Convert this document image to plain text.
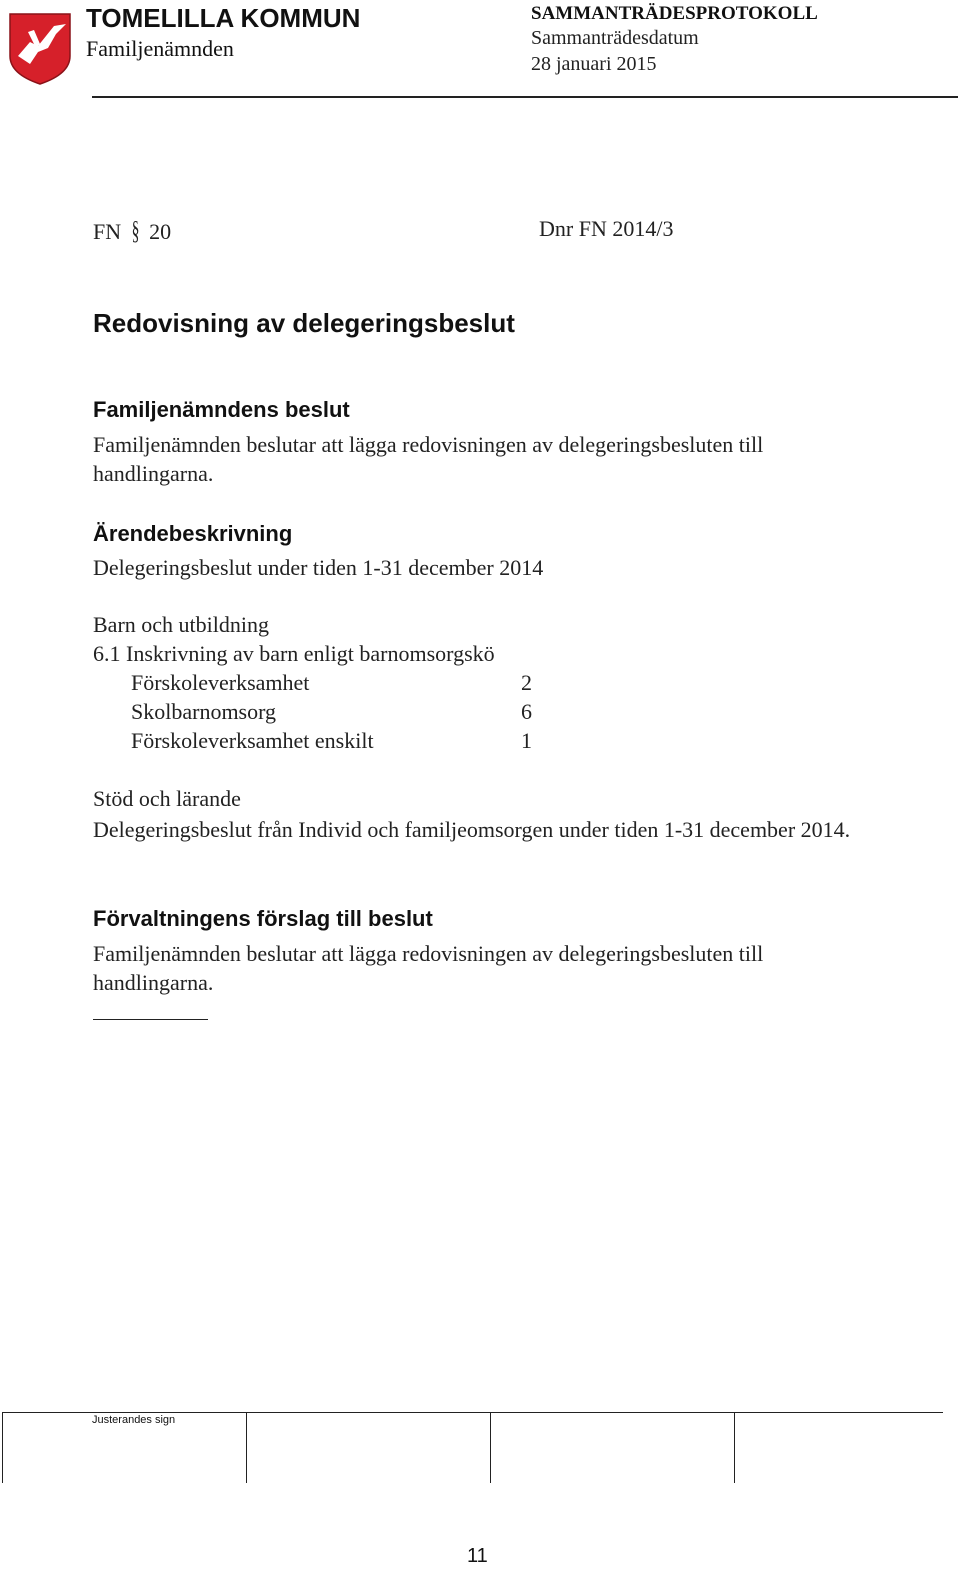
TOMELILLA KOMMUN
Familjenämnden
SAMMANTRÄDESPROTOKOLL
Sammanträdesdatum
28 januari 2015
FN § 20	Dnr FN 2014/3
Redovisning av delegeringsbeslut
Familjenämndens beslut
Familjenämnden beslutar att lägga redovisningen av delegeringsbesluten till handlingarna.
Ärendebeskrivning
Delegeringsbeslut under tiden 1-31 december 2014
Barn och utbildning
6.1 Inskrivning av barn enligt barnomsorgskö
Förskoleverksamhet	2
Skolbarnomsorg	6
Förskoleverksamhet enskilt	1
Stöd och lärande
Delegeringsbeslut från Individ och familjeomsorgen under tiden 1-31 december 2014.
Förvaltningens förslag till beslut
Familjenämnden beslutar att lägga redovisningen av delegeringsbesluten till handlingarna.
Justerandes sign
11
